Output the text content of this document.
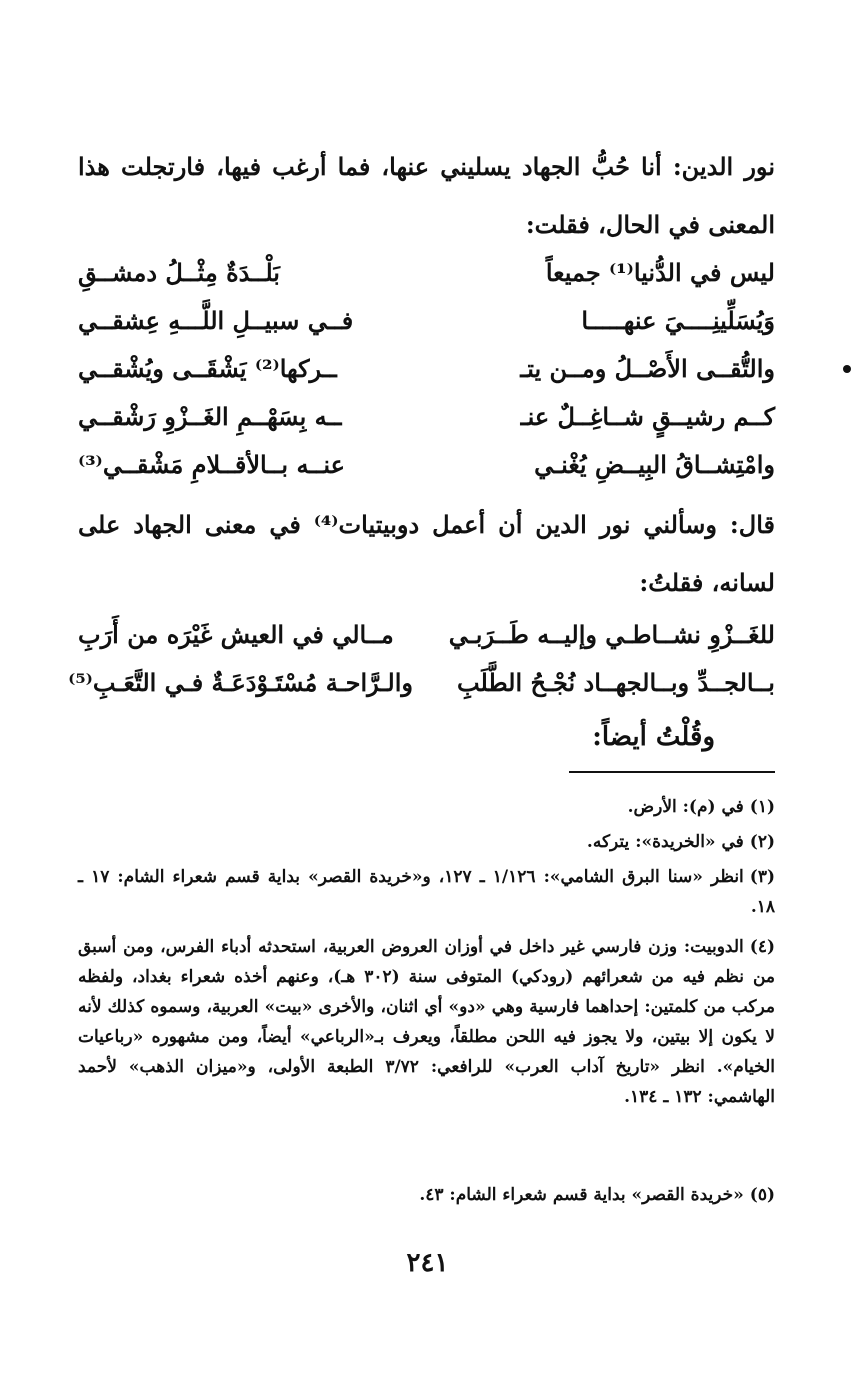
نور الدين: أنا حُبُّ الجهاد يسليني عنها، فما أرغب فيها، فارتجلت هذا المعنى في الحال، فقلت:
ليس في الدُّنيا⁽¹⁾ جميعاً
بَلْــدَةٌ مِثْــلُ دمشــقِ
وَيُسَلِّينِــــيَ عنهـــــا
فــي سبيــلِ اللَّـــهِ عِشقــي
والتُّقــى الأَصْــلُ ومــن يتـ
ــركها⁽²⁾ يَشْقَــى ويُشْقــي
كــم رشيــقٍ شــاغِــلٌ عنـ
ــه بِسَهْــمِ الغَــزْوِ رَشْقــي
وامْتِشــاقُ البِيــضِ يُغْنـي
عنــه بــالأقــلامِ مَشْقــي⁽³⁾
قال: وسألني نور الدين أن أعمل دوبيتيات⁽⁴⁾ في معنى الجهاد على لسانه، فقلتُ:
للغَــزْوِ نشــاطـي وإليــه طَــرَبـي
مــالي في العيش غَيْرَه من أَرَبِ
بــالجــدِّ وبــالجهــاد نُجْـحُ الطَّلَبِ
والـرَّاحـة مُسْتَـوْدَعَـةٌ فـي التَّعَـبِ⁽⁵⁾
وقُلْتُ أيضاً:
(١)في (م): الأرض.
(٢)في «الخريدة»: يتركه.
(٣)انظر «سنا البرق الشامي»: ١/١٢٦ ـ ١٢٧، و«خريدة القصر» بداية قسم شعراء الشام: ١٧ ـ ١٨.
(٤)الدوبيت: وزن فارسي غير داخل في أوزان العروض العربية، استحدثه أدباء الفرس، ومن أسبق من نظم فيه من شعرائهم (رودكي) المتوفى سنة (٣٠٢ هـ)، وعنهم أخذه شعراء بغداد، ولفظه مركب من كلمتين: إحداهما فارسية وهي «دو» أي اثنان، والأخرى «بيت» العربية، وسموه كذلك لأنه لا يكون إلا بيتين، ولا يجوز فيه اللحن مطلقاً، ويعرف بـ«الرباعي» أيضاً، ومن مشهوره «رباعيات الخيام». انظر «تاريخ آداب العرب» للرافعي: ٣/٧٢ الطبعة الأولى، و«ميزان الذهب» لأحمد الهاشمي: ١٣٢ ـ ١٣٤.
(٥)«خريدة القصر» بداية قسم شعراء الشام: ٤٣.
٢٤١
